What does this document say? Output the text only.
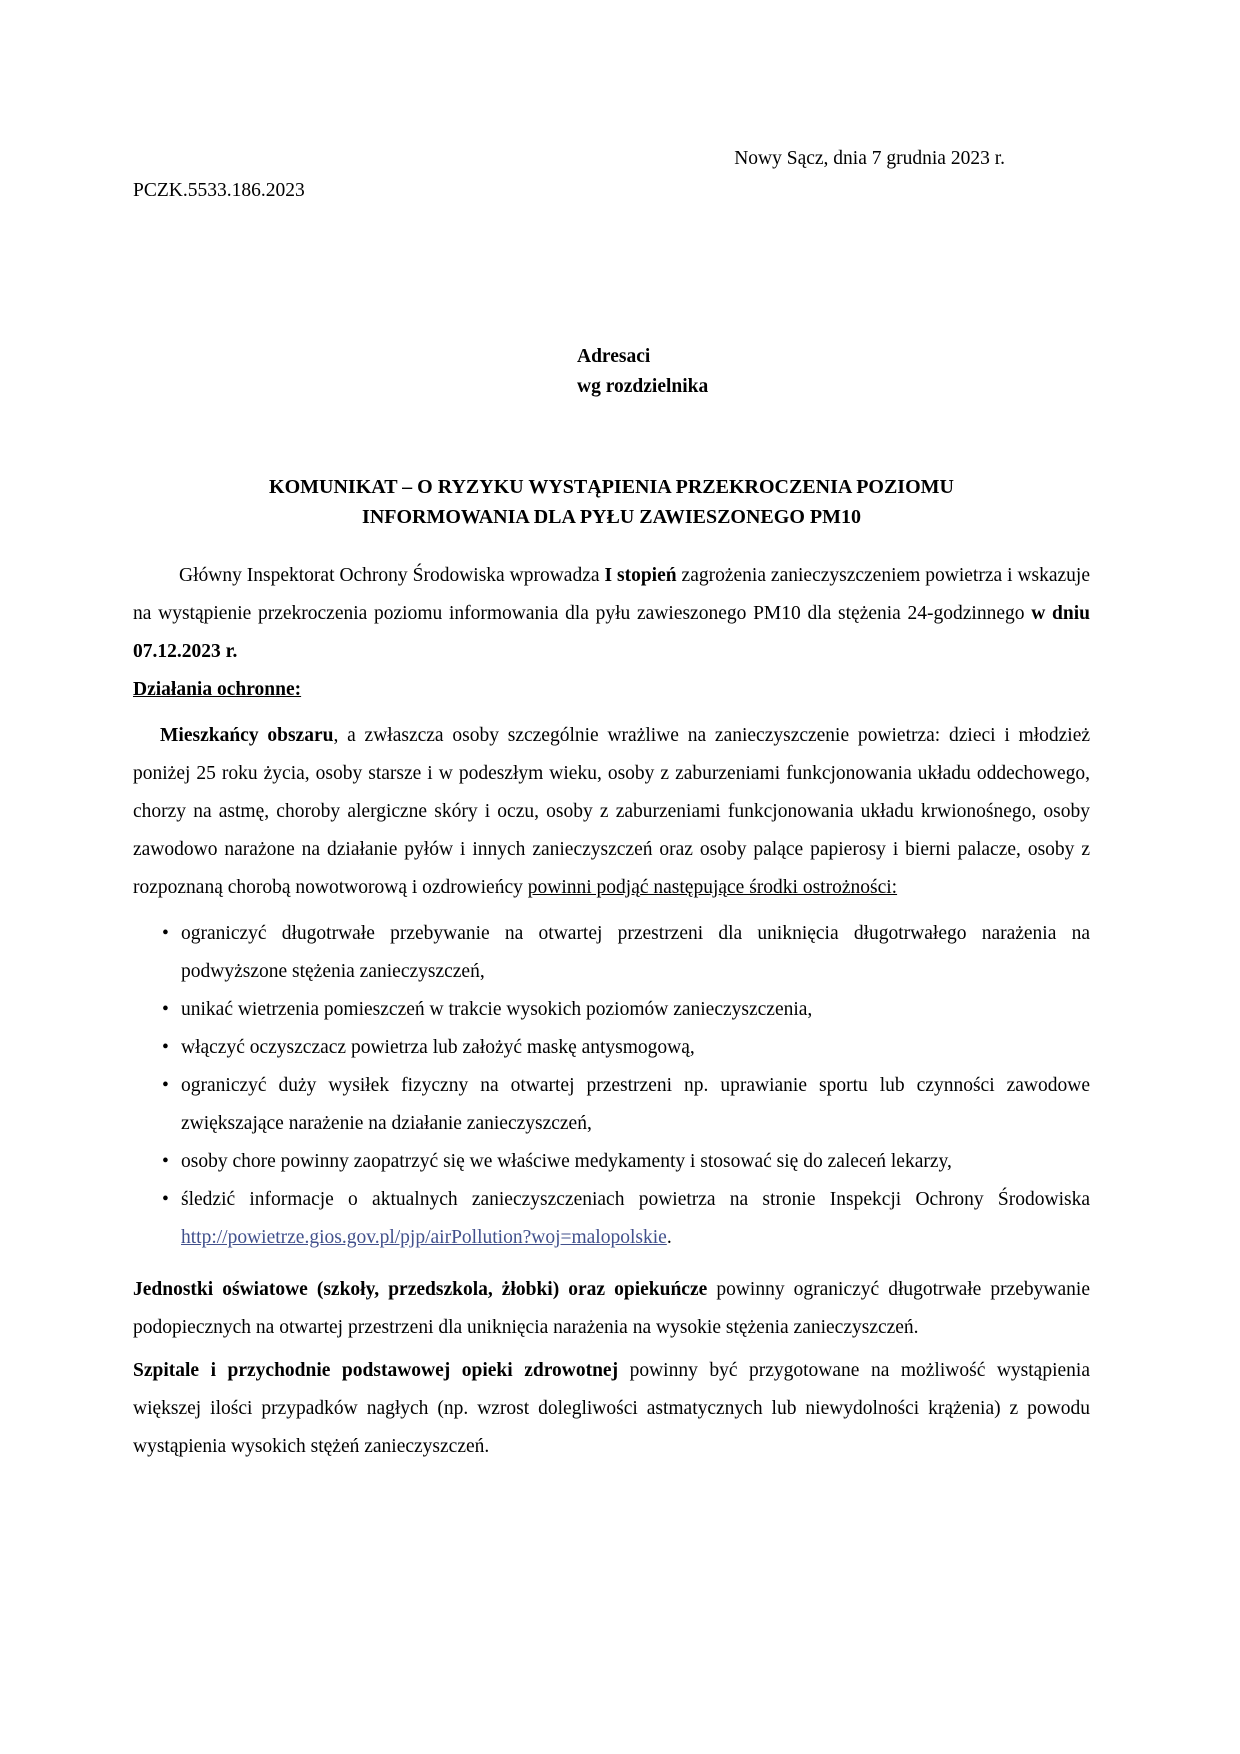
Nowy Sącz, dnia 7 grudnia 2023 r.
PCZK.5533.186.2023
Adresaci
wg rozdzielnika
KOMUNIKAT – O RYZYKU WYSTĄPIENIA PRZEKROCZENIA POZIOMU
INFORMOWANIA DLA PYŁU ZAWIESZONEGO PM10

Główny Inspektorat Ochrony Środowiska wprowadza I stopień zagrożenia zanieczyszczeniem powietrza i wskazuje na wystąpienie przekroczenia poziomu informowania dla pyłu zawieszonego PM10 dla stężenia 24-godzinnego w dniu 07.12.2023 r.

Działania ochronne:

Mieszkańcy obszaru, a zwłaszcza osoby szczególnie wrażliwe na zanieczyszczenie powietrza: dzieci i młodzież poniżej 25 roku życia, osoby starsze i w podeszłym wieku, osoby z zaburzeniami funkcjonowania układu oddechowego, chorzy na astmę, choroby alergiczne skóry i oczu, osoby z zaburzeniami funkcjonowania układu krwionośnego, osoby zawodowo narażone na działanie pyłów i innych zanieczyszczeń oraz osoby palące papierosy i bierni palacze, osoby z rozpoznaną chorobą nowotworową i ozdrowieńcy powinni podjąć następujące środki ostrożności:

• ograniczyć długotrwałe przebywanie na otwartej przestrzeni dla uniknięcia długotrwałego narażenia na podwyższone stężenia zanieczyszczeń,
• unikać wietrzenia pomieszczeń w trakcie wysokich poziomów zanieczyszczenia,
• włączyć oczyszczacz powietrza lub założyć maskę antysmogową,
• ograniczyć duży wysiłek fizyczny na otwartej przestrzeni np. uprawianie sportu lub czynności zawodowe zwiększające narażenie na działanie zanieczyszczeń,
• osoby chore powinny zaopatrzyć się we właściwe medykamenty i stosować się do zaleceń lekarzy,
• śledzić informacje o aktualnych zanieczyszczeniach powietrza na stronie Inspekcji Ochrony Środowiska http://powietrze.gios.gov.pl/pjp/airPollution?woj=malopolskie.

Jednostki oświatowe (szkoły, przedszkola, żłobki) oraz opiekuńcze powinny ograniczyć długotrwałe przebywanie podopiecznych na otwartej przestrzeni dla uniknięcia narażenia na wysokie stężenia zanieczyszczeń.

Szpitale i przychodnie podstawowej opieki zdrowotnej powinny być przygotowane na możliwość wystąpienia większej ilości przypadków nagłych (np. wzrost dolegliwości astmatycznych lub niewydolności krążenia) z powodu wystąpienia wysokich stężeń zanieczyszczeń.
